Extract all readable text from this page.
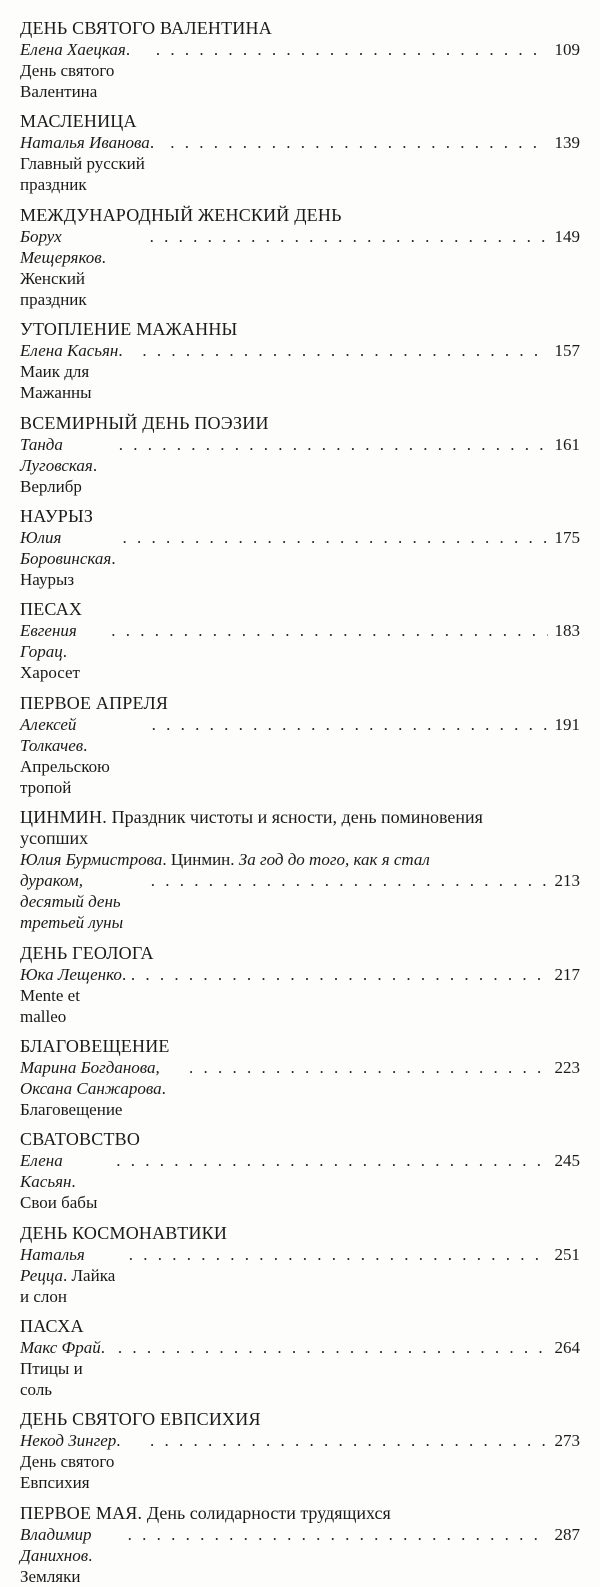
ДЕНЬ СВЯТОГО ВАЛЕНТИНА
Елена Хаецкая. День святого Валентина
. . .
109
МАСЛЕНИЦА
Наталья Иванова. Главный русский праздник
. . .
139
МЕЖДУНАРОДНЫЙ ЖЕНСКИЙ ДЕНЬ
Борух Мещеряков. Женский праздник
. . .
149
УТОПЛЕНИЕ МАЖАННЫ
Елена Касьян. Маик для Мажанны
. . .
157
ВСЕМИРНЫЙ ДЕНЬ ПОЭЗИИ
Танда Луговская. Верлибр
. . .
161
НАУРЫЗ
Юлия Боровинская. Наурыз
. . .
175
ПЕСАХ
Евгения Горац. Харосет
. . .
183
ПЕРВОЕ АПРЕЛЯ
Алексей Толкачев. Апрельскою тропой
. . .
191
ЦИНМИН. Праздник чистоты и ясности, день поминовения усопших
Юлия Бурмистрова. Цинмин. За год до того, как я стал
дураком, десятый день третьей луны
. . .
213
ДЕНЬ ГЕОЛОГА
Юка Лещенко. Mente et malleo
. . .
217
БЛАГОВЕЩЕНИЕ
Марина Богданова, Оксана Санжарова. Благовещение
. . .
223
СВАТОВСТВО
Елена Касьян. Свои бабы
. . .
245
ДЕНЬ КОСМОНАВТИКИ
Наталья Рецца. Лайка и слон
. . .
251
ПАСХА
Макс Фрай. Птицы и соль
. . .
264
ДЕНЬ СВЯТОГО ЕВПСИХИЯ
Некод Зингер. День святого Евпсихия
. . .
273
ПЕРВОЕ МАЯ. День солидарности трудящихся
Владимир Данихнов. Земляки
. . .
287
